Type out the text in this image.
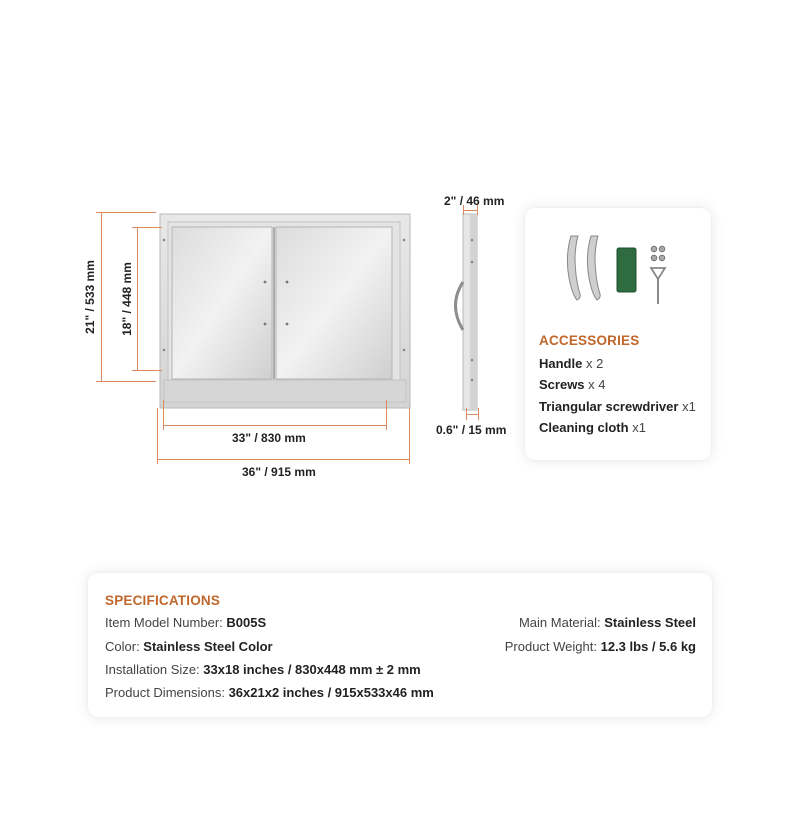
21" / 533 mm 18" / 448 mm
33" / 830 mm
36" / 915 mm
2" / 46 mm
0.6" / 15 mm
ACCESSORIES
Handle x 2
Screws x 4
Triangular screwdriver x1
Cleaning cloth x1
SPECIFICATIONS
Item Model Number: B005S
Color: Stainless Steel Color
Installation Size: 33x18 inches / 830x448 mm ± 2 mm
Product Dimensions: 36x21x2 inches / 915x533x46 mm
Main Material: Stainless Steel
Product Weight: 12.3 lbs / 5.6 kg
